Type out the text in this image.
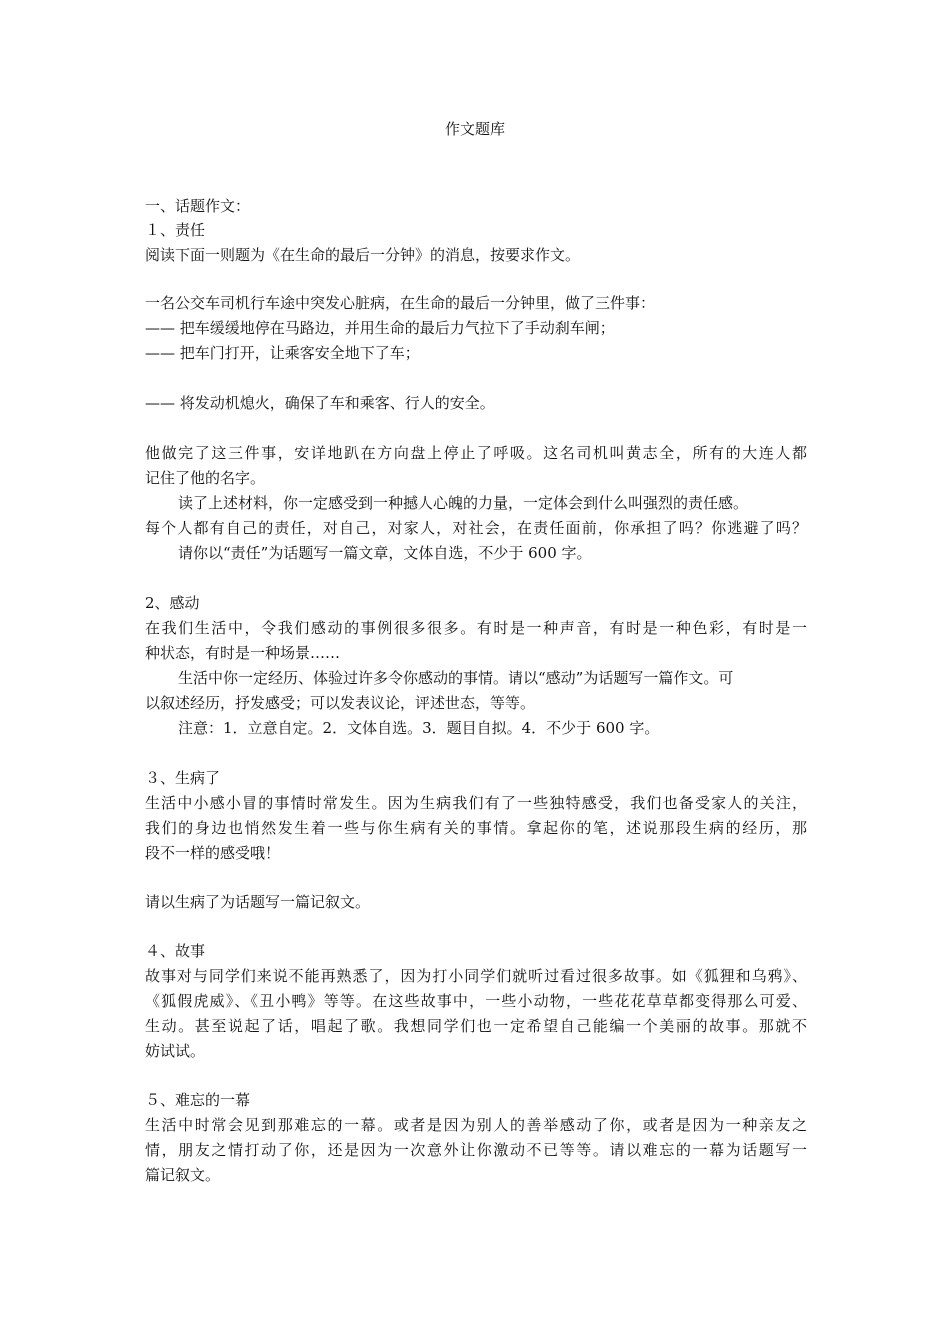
作文题库
一、话题作文：
１、责任
阅读下面一则题为《在生命的最后一分钟》的消息，按要求作文。
一名公交车司机行车途中突发心脏病，在生命的最后一分钟里，做了三件事：
—— 把车缓缓地停在马路边，并用生命的最后力气拉下了手动刹车闸；
—— 把车门打开，让乘客安全地下了车；
—— 将发动机熄火，确保了车和乘客、行人的安全。
他做完了这三件事，安详地趴在方向盘上停止了呼吸。这名司机叫黄志全，所有的大连人都
记住了他的名字。
读了上述材料，你一定感受到一种撼人心魄的力量，一定体会到什么叫强烈的责任感。
每个人都有自己的责任，对自己，对家人，对社会，在责任面前，你承担了吗？你逃避了吗？
请你以“责任”为话题写一篇文章，文体自选，不少于 600 字。
2、感动
在我们生活中，令我们感动的事例很多很多。有时是一种声音，有时是一种色彩，有时是一
种状态，有时是一种场景……
生活中你一定经历、体验过许多令你感动的事情。请以“感动”为话题写一篇作文。可
以叙述经历，抒发感受；可以发表议论，评述世态，等等。
注意：1．立意自定。2．文体自选。3．题目自拟。4．不少于 600 字。
３、生病了
生活中小感小冒的事情时常发生。因为生病我们有了一些独特感受，我们也备受家人的关注，
我们的身边也悄然发生着一些与你生病有关的事情。拿起你的笔，述说那段生病的经历，那
段不一样的感受哦！
请以生病了为话题写一篇记叙文。
４、故事
故事对与同学们来说不能再熟悉了，因为打小同学们就听过看过很多故事。如《狐狸和乌鸦》、
《狐假虎威》、《丑小鸭》等等。在这些故事中，一些小动物，一些花花草草都变得那么可爱、
生动。甚至说起了话，唱起了歌。我想同学们也一定希望自己能编一个美丽的故事。那就不
妨试试。
５、难忘的一幕
生活中时常会见到那难忘的一幕。或者是因为别人的善举感动了你，或者是因为一种亲友之
情，朋友之情打动了你，还是因为一次意外让你激动不已等等。请以难忘的一幕为话题写一
篇记叙文。
